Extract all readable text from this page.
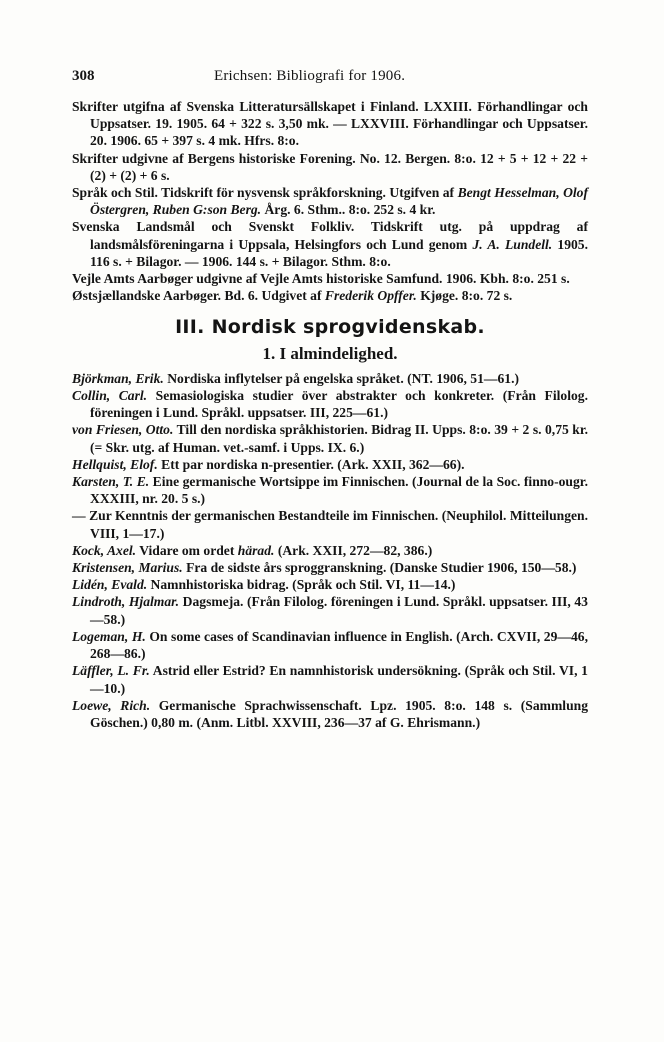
308	Erichsen: Bibliografi for 1906.
Skrifter utgifna af Svenska Litteratursällskapet i Finland. LXXIII. Förhandlingar och Uppsatser. 19. 1905. 64 + 322 s. 3,50 mk. — LXXVIII. Förhandlingar och Uppsatser. 20. 1906. 65 + 397 s. 4 mk. Hfrs. 8:o.
Skrifter udgivne af Bergens historiske Forening. No. 12. Bergen. 8:o. 12 + 5 + 12 + 22 + (2) + (2) + 6 s.
Språk och Stil. Tidskrift för nysvensk språkforskning. Utgifven af Bengt Hesselman, Olof Östergren, Ruben G:son Berg. Årg. 6. Sthm.. 8:o. 252 s. 4 kr.
Svenska Landsmål och Svenskt Folkliv. Tidskrift utg. på uppdrag af landsmålsföreningarna i Uppsala, Helsingfors och Lund genom J. A. Lundell. 1905. 116 s. + Bilagor. — 1906. 144 s. + Bilagor. Sthm. 8:o.
Vejle Amts Aarbøger udgivne af Vejle Amts historiske Samfund. 1906. Kbh. 8:o. 251 s.
Østsjællandske Aarbøger. Bd. 6. Udgivet af Frederik Opffer. Kjøge. 8:o. 72 s.
III. Nordisk sprogvidenskab.
1. I almindelighed.
Björkman, Erik. Nordiska inflytelser på engelska språket. (NT. 1906, 51—61.)
Collin, Carl. Semasiologiska studier över abstrakter och konkreter. (Från Filolog. föreningen i Lund. Språkl. uppsatser. III, 225—61.)
von Friesen, Otto. Till den nordiska språkhistorien. Bidrag II. Upps. 8:o. 39 + 2 s. 0,75 kr. (= Skr. utg. af Human. vet.-samf. i Upps. IX. 6.)
Hellquist, Elof. Ett par nordiska n-presentier. (Ark. XXII, 362—66).
Karsten, T. E. Eine germanische Wortsippe im Finnischen. (Journal de la Soc. finno-ougr. XXXIII, nr. 20. 5 s.)
— Zur Kenntnis der germanischen Bestandteile im Finnischen. (Neuphilol. Mitteilungen. VIII, 1—17.)
Kock, Axel. Vidare om ordet härad. (Ark. XXII, 272—82, 386.)
Kristensen, Marius. Fra de sidste års sproggranskning. (Danske Studier 1906, 150—58.)
Lidén, Evald. Namnhistoriska bidrag. (Språk och Stil. VI, 11—14.)
Lindroth, Hjalmar. Dagsmeja. (Från Filolog. föreningen i Lund. Språkl. uppsatser. III, 43—58.)
Logeman, H. On some cases of Scandinavian influence in English. (Arch. CXVII, 29—46, 268—86.)
Läffler, L. Fr. Astrid eller Estrid? En namnhistorisk undersökning. (Språk och Stil. VI, 1—10.)
Loewe, Rich. Germanische Sprachwissenschaft. Lpz. 1905. 8:o. 148 s. (Sammlung Göschen.) 0,80 m. (Anm. Litbl. XXVIII, 236—37 af G. Ehrismann.)
